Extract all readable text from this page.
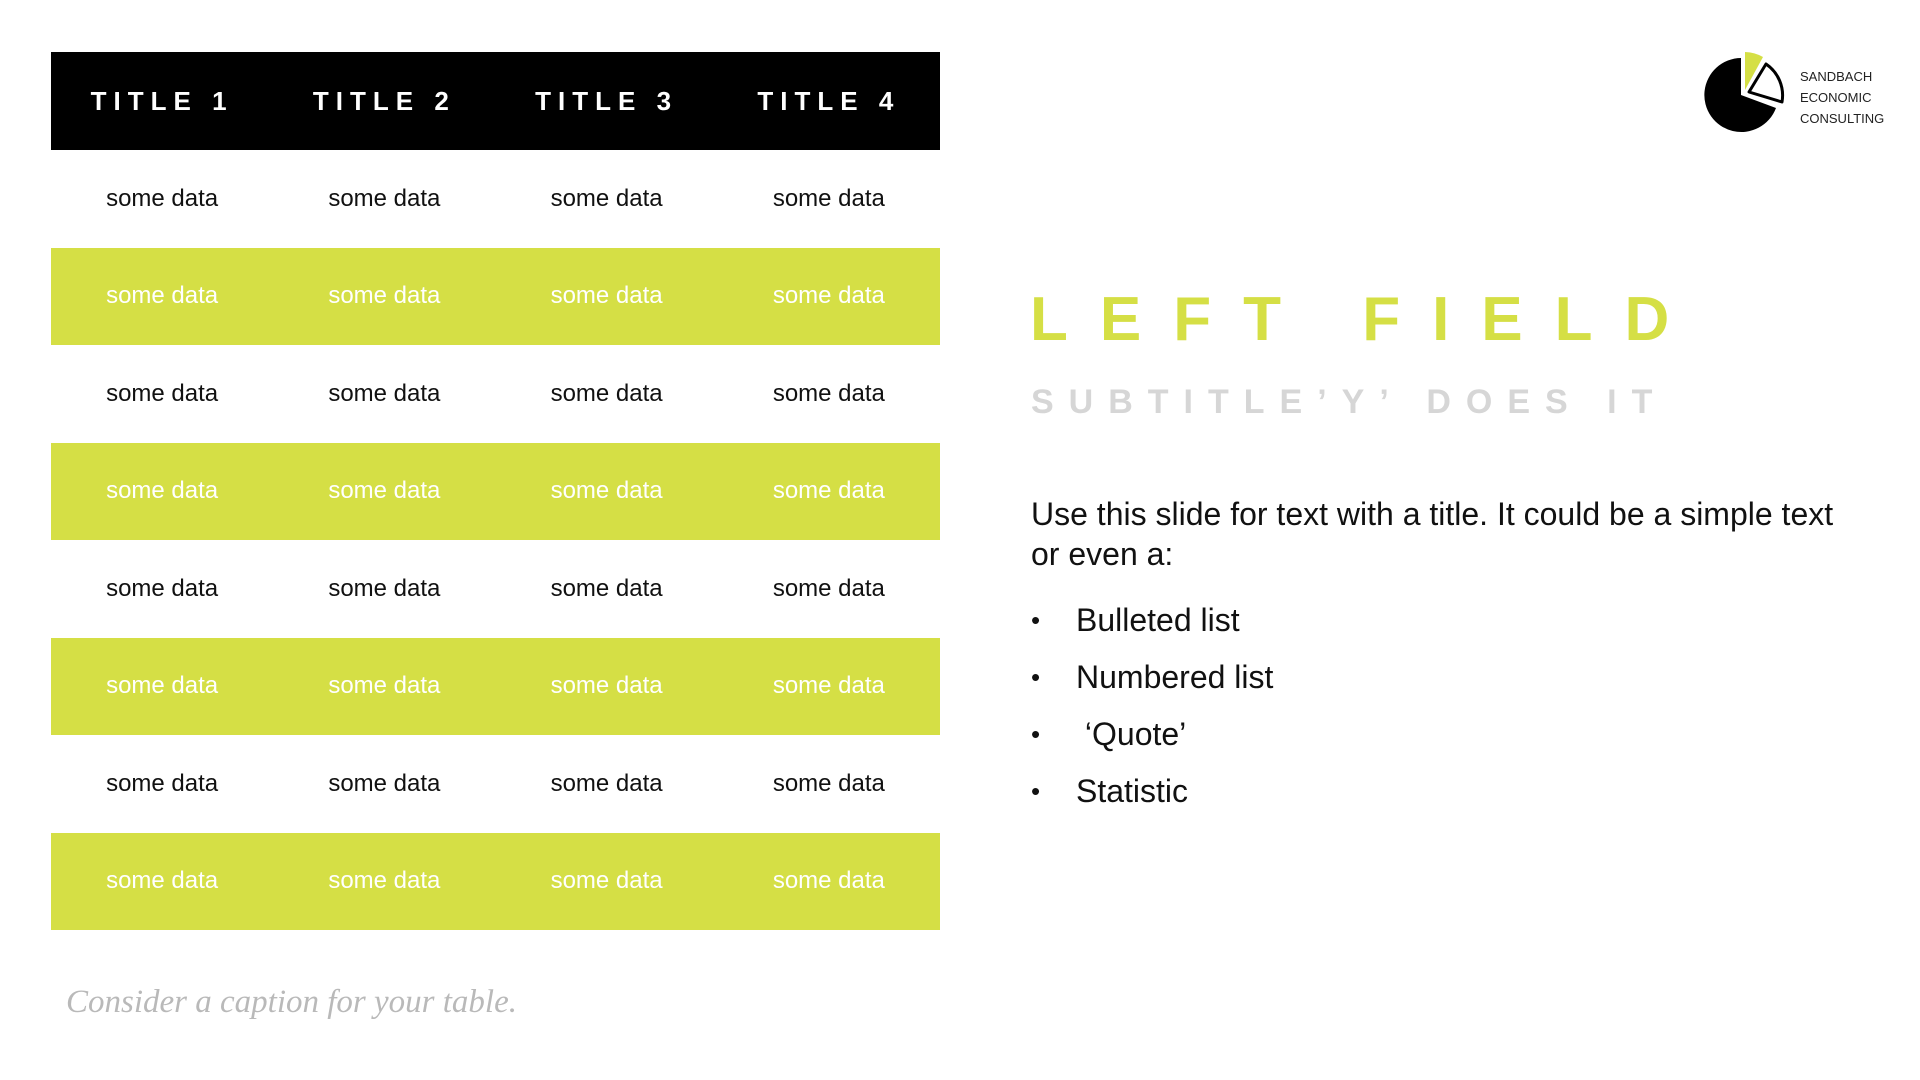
TITLE 1	TITLE 2	TITLE 3	TITLE 4
some data	some data	some data	some data
some data	some data	some data	some data
some data	some data	some data	some data
some data	some data	some data	some data
some data	some data	some data	some data
some data	some data	some data	some data
some data	some data	some data	some data
some data	some data	some data	some data
Consider a caption for your table.
SANDBACH
ECONOMIC
CONSULTING
LEFT FIELD
SUBTITLE’Y’ DOES IT

Use this slide for text with a title. It could be a simple text or even a:

•	Bulleted list
•	Numbered list
•	‘Quote’
•	Statistic
